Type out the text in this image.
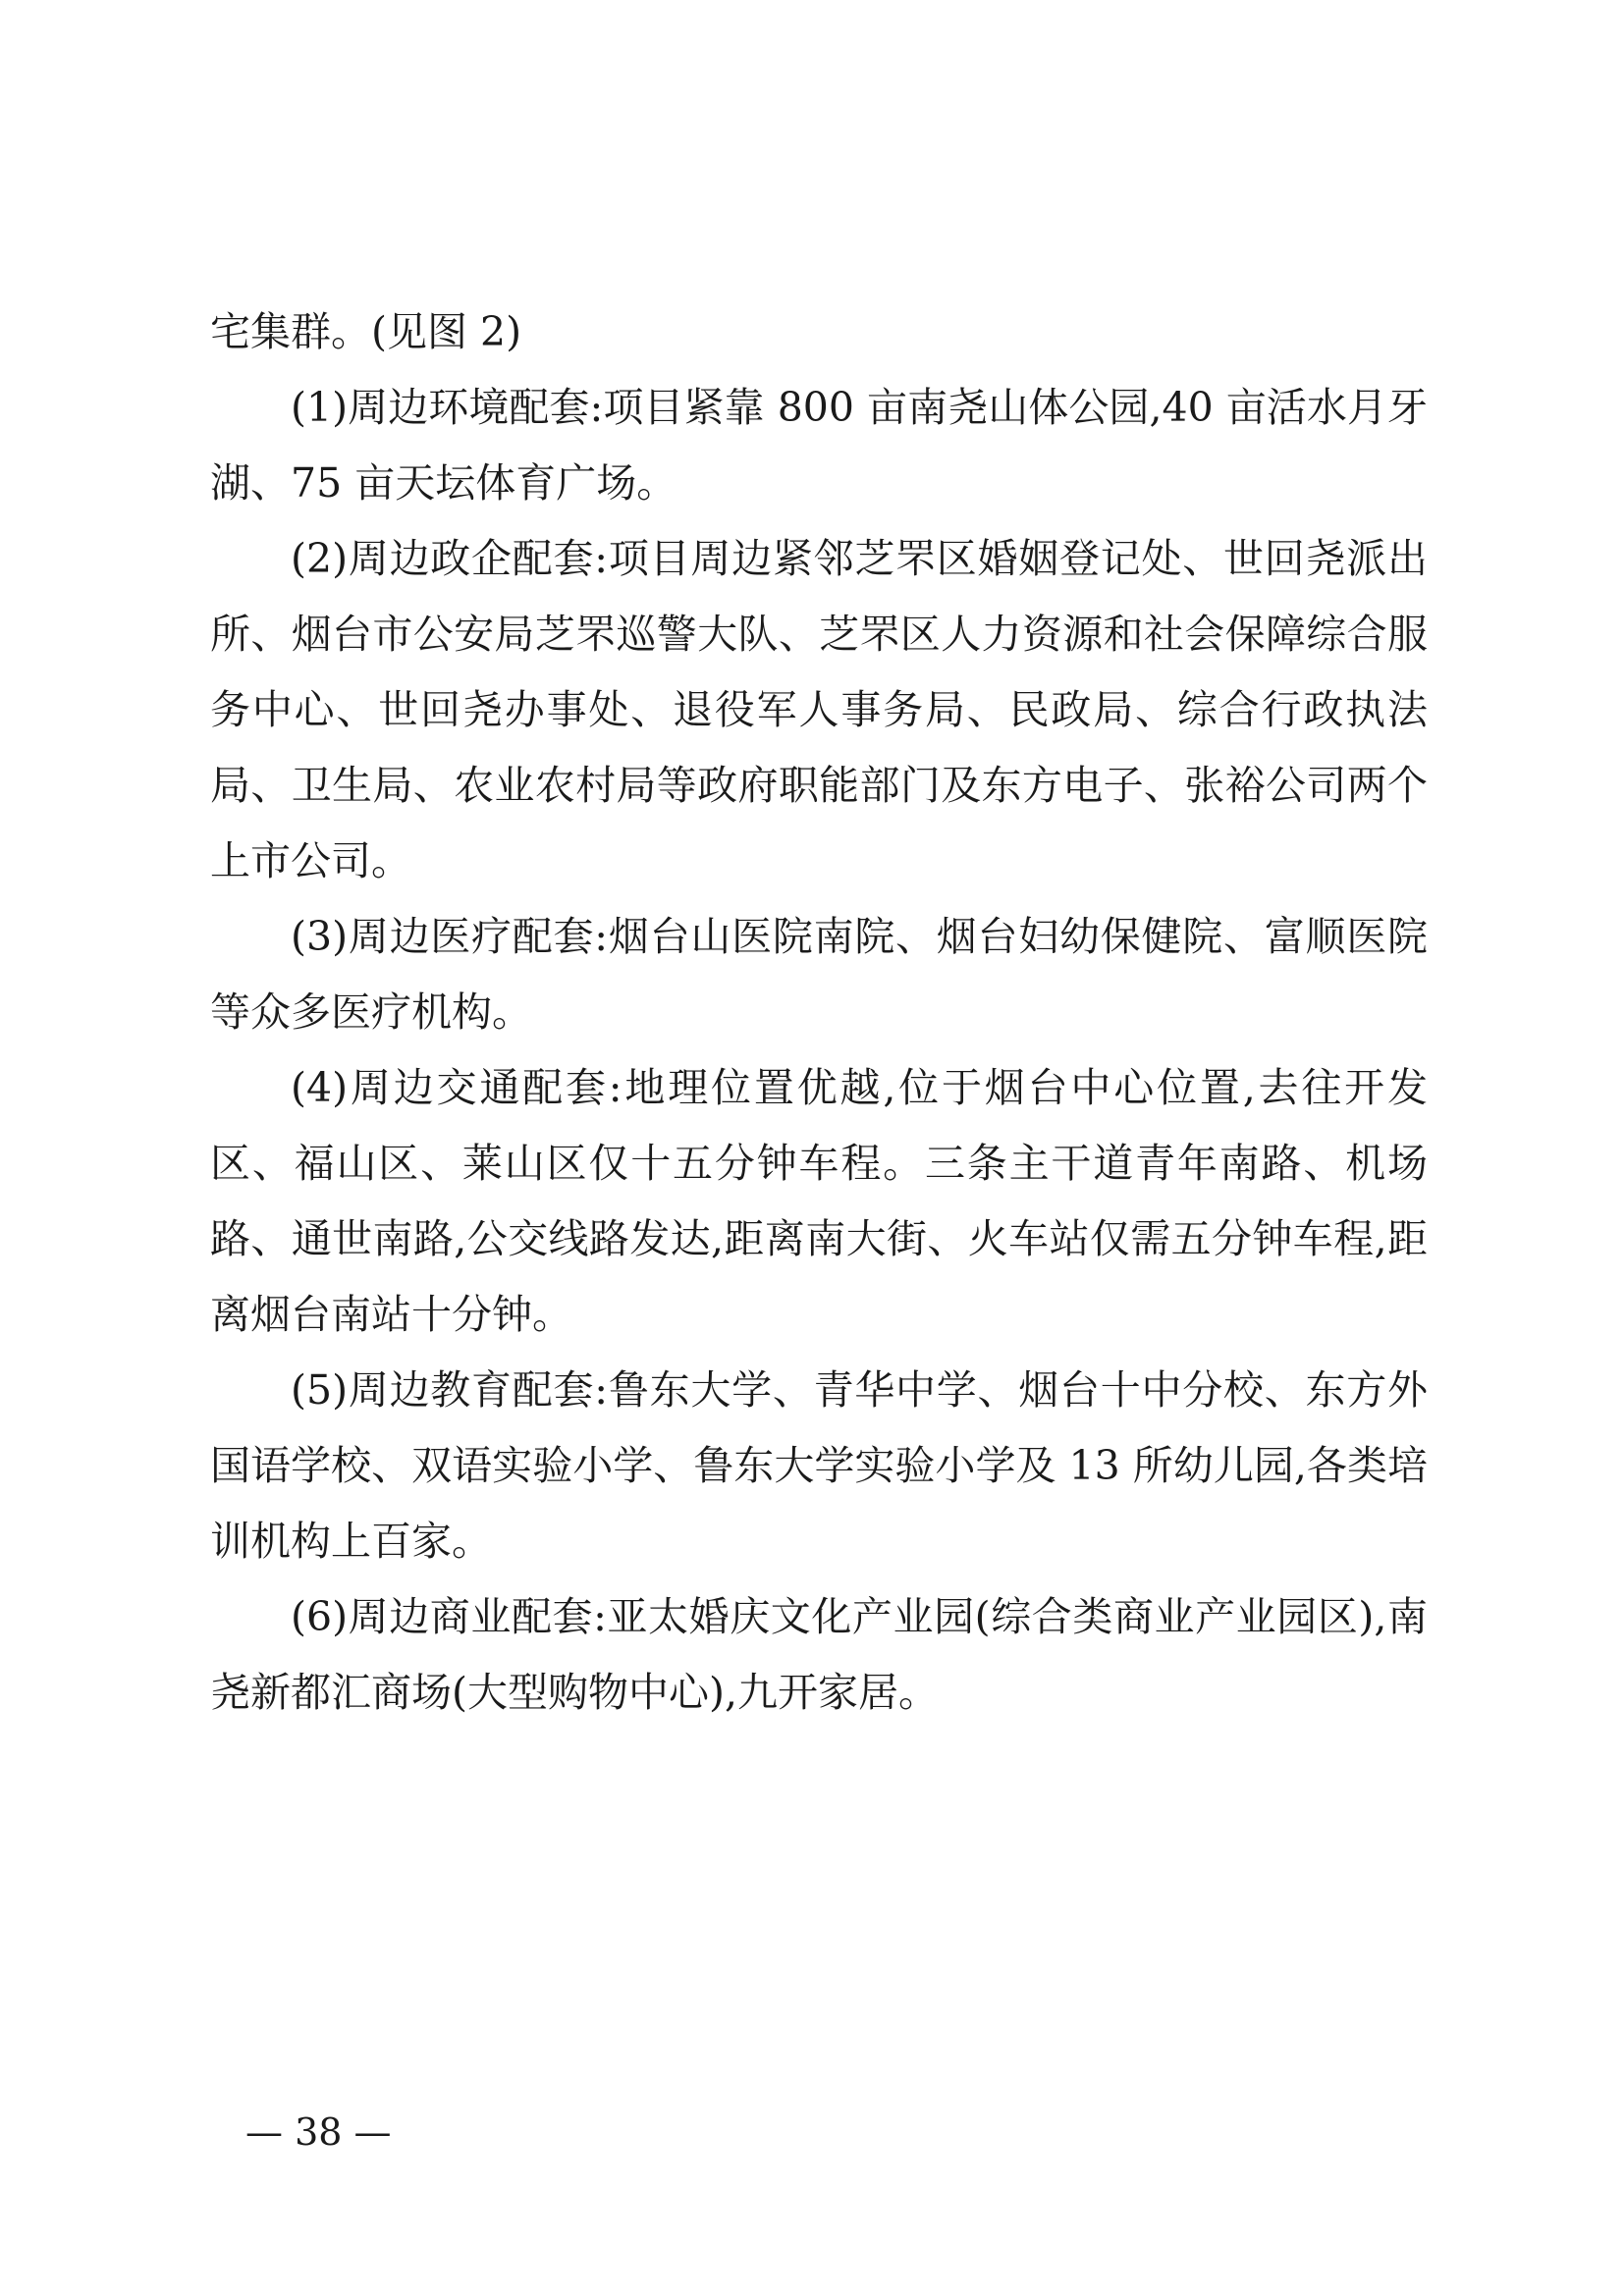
宅集群。(见图 2)

(1)周边环境配套:项目紧靠 800 亩南尧山体公园,40 亩活水月牙湖、75 亩天坛体育广场。

(2)周边政企配套:项目周边紧邻芝罘区婚姻登记处、世回尧派出所、烟台市公安局芝罘巡警大队、芝罘区人力资源和社会保障综合服务中心、世回尧办事处、退役军人事务局、民政局、综合行政执法局、卫生局、农业农村局等政府职能部门及东方电子、张裕公司两个上市公司。

(3)周边医疗配套:烟台山医院南院、烟台妇幼保健院、富顺医院等众多医疗机构。

(4)周边交通配套:地理位置优越,位于烟台中心位置,去往开发区、福山区、莱山区仅十五分钟车程。三条主干道青年南路、机场路、通世南路,公交线路发达,距离南大街、火车站仅需五分钟车程,距离烟台南站十分钟。

(5)周边教育配套:鲁东大学、青华中学、烟台十中分校、东方外国语学校、双语实验小学、鲁东大学实验小学及 13 所幼儿园,各类培训机构上百家。

(6)周边商业配套:亚太婚庆文化产业园(综合类商业产业园区),南尧新都汇商场(大型购物中心),九开家居。

— 38 —
